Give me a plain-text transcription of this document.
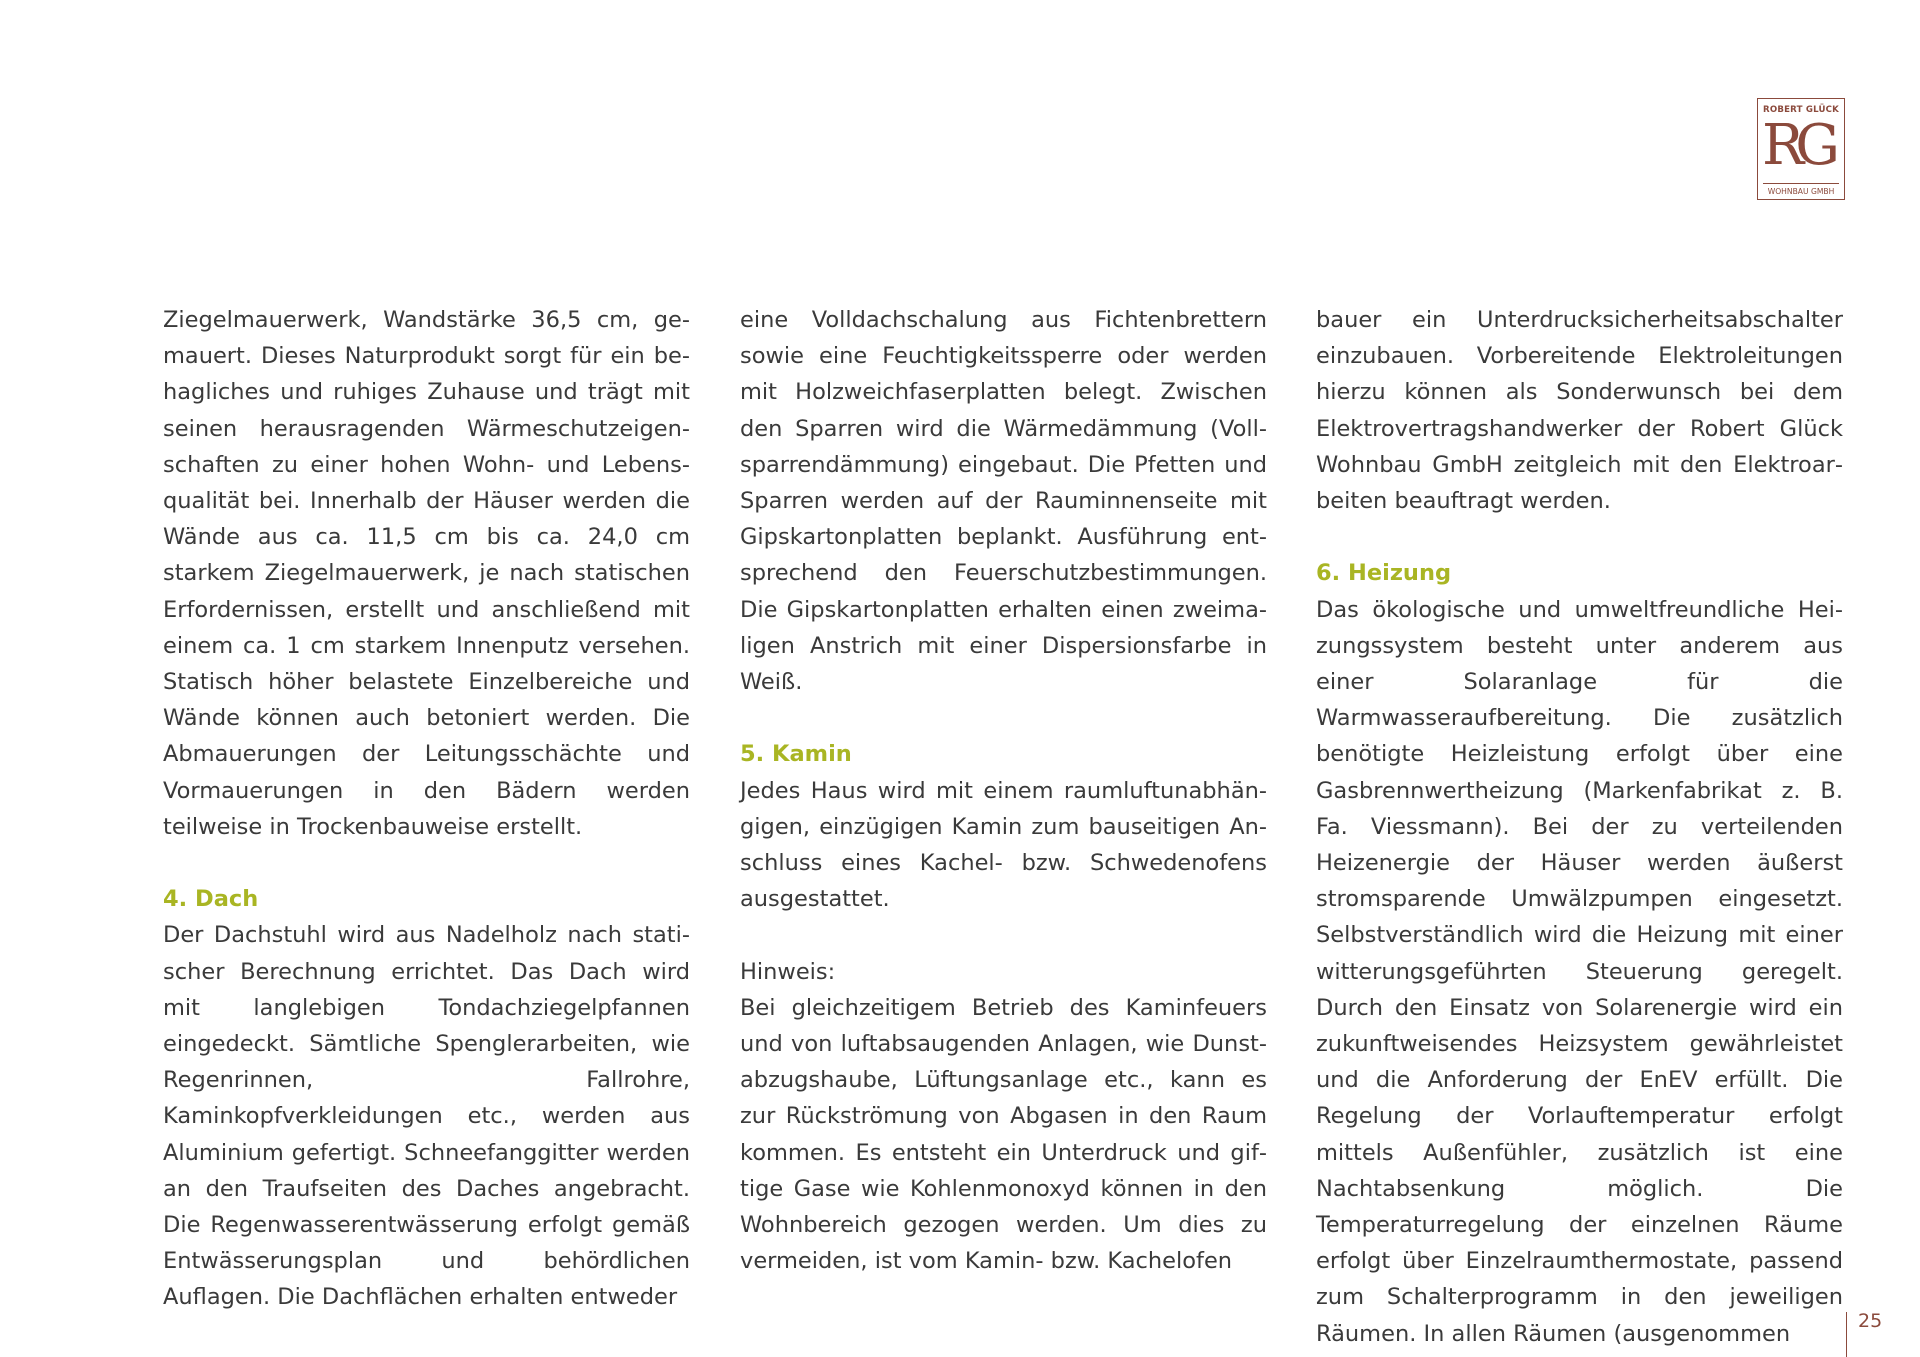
ROBERT GLÜCK
RG
WOHNBAU GMBH

Ziegelmauerwerk, Wandstärke 36,5 cm, gemauert. Dieses Naturprodukt sorgt für ein behagliches und ruhiges Zuhause und trägt mit seinen herausragenden Wärmeschutzeigenschaften zu einer hohen Wohn- und Lebensqualität bei. Innerhalb der Häuser werden die Wände aus ca. 11,5 cm bis ca. 24,0 cm starkem Ziegelmauerwerk, je nach statischen Erfordernissen, erstellt und anschließend mit einem ca. 1 cm starkem Innenputz versehen. Statisch höher belastete Einzelbereiche und Wände können auch betoniert werden. Die Abmauerungen der Leitungsschächte und Vormauerungen in den Bädern werden teilweise in Trockenbauweise erstellt.

4. Dach

Der Dachstuhl wird aus Nadelholz nach statischer Berechnung errichtet. Das Dach wird mit langlebigen Tondachziegelpfannen eingedeckt. Sämtliche Spenglerarbeiten, wie Regenrinnen, Fallrohre, Kaminkopfverkleidungen etc., werden aus Aluminium gefertigt. Schneefanggitter werden an den Traufseiten des Daches angebracht. Die Regenwasserentwässerung erfolgt gemäß Entwässerungsplan und behördlichen Auflagen. Die Dachflächen erhalten entweder

eine Volldachschalung aus Fichtenbrettern sowie eine Feuchtigkeitssperre oder werden mit Holzweichfaserplatten belegt. Zwischen den Sparren wird die Wärmedämmung (Vollsparrendämmung) eingebaut. Die Pfetten und Sparren werden auf der Rauminnenseite mit Gipskartonplatten beplankt. Ausführung entsprechend den Feuerschutzbestimmungen. Die Gipskartonplatten erhalten einen zweimaligen Anstrich mit einer Dispersionsfarbe in Weiß.

5. Kamin

Jedes Haus wird mit einem raumluftunabhängigen, einzügigen Kamin zum bauseitigen Anschluss eines Kachel- bzw. Schwedenofens ausgestattet.

Hinweis:

Bei gleichzeitigem Betrieb des Kaminfeuers und von luftabsaugenden Anlagen, wie Dunstabzugshaube, Lüftungsanlage etc., kann es zur Rückströmung von Abgasen in den Raum kommen. Es entsteht ein Unterdruck und giftige Gase wie Kohlenmonoxyd können in den Wohnbereich gezogen werden. Um dies zu vermeiden, ist vom Kamin- bzw. Kachelofen

bauer ein Unterdrucksicherheitsabschalter einzubauen. Vorbereitende Elektroleitungen hierzu können als Sonderwunsch bei dem Elektrovertragshandwerker der Robert Glück Wohnbau GmbH zeitgleich mit den Elektroarbeiten beauftragt werden.

6. Heizung

Das ökologische und umweltfreundliche Heizungssystem besteht unter anderem aus einer Solaranlage für die Warmwasseraufbereitung. Die zusätzlich benötigte Heizleistung erfolgt über eine Gasbrennwertheizung (Markenfabrikat z. B. Fa. Viessmann). Bei der zu verteilenden Heizenergie der Häuser werden äußerst stromsparende Umwälzpumpen eingesetzt. Selbstverständlich wird die Heizung mit einer witterungsgeführten Steuerung geregelt. Durch den Einsatz von Solarenergie wird ein zukunftweisendes Heizsystem gewährleistet und die Anforderung der EnEV erfüllt. Die Regelung der Vorlauftemperatur erfolgt mittels Außenfühler, zusätzlich ist eine Nachtabsenkung möglich. Die Temperaturregelung der einzelnen Räume erfolgt über Einzelraumthermostate, passend zum Schalterprogramm in den jeweiligen Räumen. In allen Räumen (ausgenommen	25
